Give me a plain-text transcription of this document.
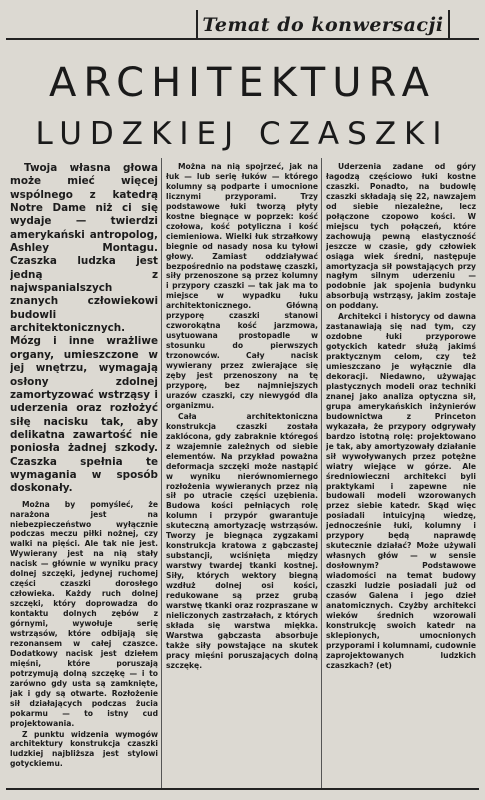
Temat do konwersacji
ARCHITEKTURA
LUDZKIEJ CZASZKI

Twoja własna głowa może mieć więcej wspólnego z katedrą Notre Dame niż ci się wydaje — twierdzi amerykański antropolog, Ashley Montagu. Czaszka ludzka jest jedną z najwspanialszych znanych człowiekowi budowli architektonicznych. Mózg i inne wrażliwe organy, umieszczone w jej wnętrzu, wymagają osłony zdolnej zamortyzować wstrząsy i uderzenia oraz rozłożyć siłę nacisku tak, aby delikatna zawartość nie poniosła żadnej szkody. Czaszka spełnia te wymagania w sposób doskonały.

Można by pomyśleć, że narażona jest na niebezpieczeństwo wyłącznie podczas meczu piłki nożnej, czy walki na pięści. Ale tak nie jest. Wywierany jest na nią stały nacisk — głównie w wyniku pracy dolnej szczęki, jedynej ruchomej części czaszki dorosłego człowieka. Każdy ruch dolnej szczęki, który doprowadza do kontaktu dolnych zębów z górnymi, wywołuje serię wstrząsów, które odbijają się rezonansem w całej czaszce. Dodatkowy nacisk jest dziełem mięśni, które poruszają potrzymują dolną szczękę — i to zarówno gdy usta są zamknięte, jak i gdy są otwarte. Rozłożenie sił działających podczas żucia pokarmu — to istny cud projektowania.

Z punktu widzenia wymogów architektury konstrukcja czaszki ludzkiej najbliższa jest stylowi gotyckiemu.

Można na nią spojrzeć, jak na łuk — lub serię łuków — którego kolumny są podparte i umocnione licznymi przyporami. Trzy podstawowe łuki tworzą płyty kostne biegnące w poprzek: kość czołowa, kość potyliczna i kość ciemieniowa. Wielki łuk strzałkowy biegnie od nasady nosa ku tyłowi głowy. Zamiast oddziaływać bezpośrednio na podstawę czaszki, siły przenoszone są przez kolumny i przypory czaszki — tak jak ma to miejsce w wypadku łuku architektonicznego. Główną przyporę czaszki stanowi czworokątna kość jarzmowa, usytuowana prostopadle w stosunku do pierwszych trzonowców. Cały nacisk wywierany przez zwierające się zęby jest przenoszony na tę przyporę, bez najmniejszych urazów czaszki, czy niewygód dla organizmu.

Cała architektoniczna konstrukcja czaszki została zaklócona, gdy zabraknie któregoś z wzajemnie zależnych od siebie elementów. Na przykład poważna deformacja szczęki może nastąpić w wyniku nierównomiernego rozłożenia wywieranych przez nią sił po utracie części uzębienia. Budowa kości pełniących rolę kolumn i przypór gwarantuje skuteczną amortyzację wstrząsów. Tworzy je biegnąca zygzakami konstrukcja kratowa z gąbczastej substancji, wciśnięta między warstwy twardej tkanki kostnej. Siły, których wektory biegną wzdłuż dolnej osi kości, redukowane są przez grubą warstwę tkanki oraz rozpraszane w nieliczonych zastrzałach, z których składa się warstwa miękka. Warstwa gąbczasta absorbuje także siły powstające na skutek pracy mięśni poruszających dolną szczękę.

Uderzenia zadane od góry łagodzą częściowo łuki kostne czaszki. Ponadto, na budowlę czaszki składają się 22, nawzajem od siebie niezależne, lecz połączone czopowo kości. W miejscu tych połączeń, które zachowują pewną elastyczność jeszcze w czasie, gdy człowiek osiąga wiek średni, następuje amortyzacja sił powstających przy nagłym silnym uderzeniu — podobnie jak spojenia budynku absorbują wstrząsy, jakim zostaje on poddany.

Architekci i historycy od dawna zastanawiają się nad tym, czy ozdobne łuki przyporowe gotyckich katedr służą jakimś praktycznym celom, czy też umieszczano je wyłącznie dla dekoracji. Niedawno, używając plastycznych modeli oraz techniki znanej jako analiza optyczna sił, grupa amerykańskich inżynierów budownictwa z Princeton wykazała, że przypory odgrywały bardzo istotną rolę: projektowano je tak, aby amortyzowały działanie sił wywoływanych przez potężne wiatry wiejące w górze. Ale średniowieczni architekci byli praktykami i zapewne nie budowali modeli wzorowanych przez siebie katedr. Skąd więc posiadali intuicyjną wiedzę, jednocześnie łuki, kolumny i przypory będą naprawdę skutecznie działać? Może używali własnych głów — w sensie dosłownym? Podstawowe wiadomości na temat budowy czaszki ludzie posiadali już od czasów Galena i jego dzieł anatomicznych. Czyżby architekci wieków średnich wzorowali konstrukcję swoich katedr na sklepionych, umocnionych przyporami i kolumnami, cudownie zaprojektowanych ludzkich czaszkach? (et)
